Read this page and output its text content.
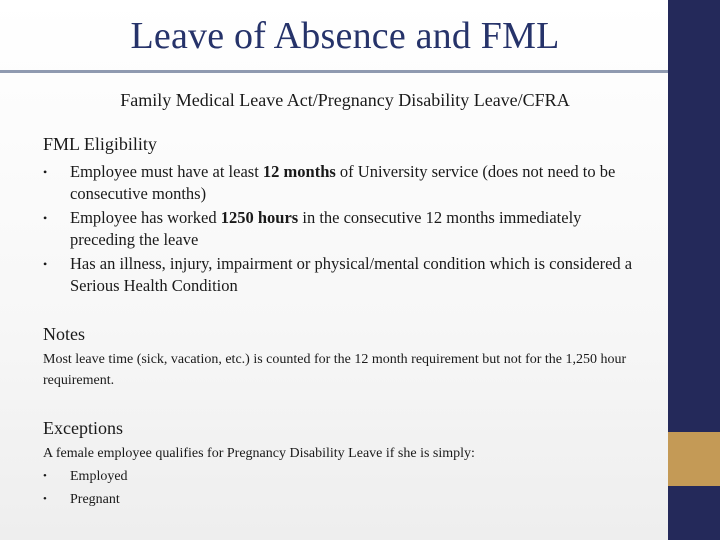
Leave of Absence and FML
Family Medical Leave Act/Pregnancy Disability Leave/CFRA
FML Eligibility
• Employee must have at least 12 months of University service (does not need to be consecutive months)
• Employee has worked 1250 hours in the consecutive 12 months immediately preceding the leave
• Has an illness, injury, impairment or physical/mental condition which is considered a Serious Health Condition
Notes

Most leave time (sick, vacation, etc.) is counted for the 12 month requirement but not for the 1,250 hour requirement.

Exceptions

A female employee qualifies for Pregnancy Disability Leave if she is simply:

• Employed
• Pregnant
